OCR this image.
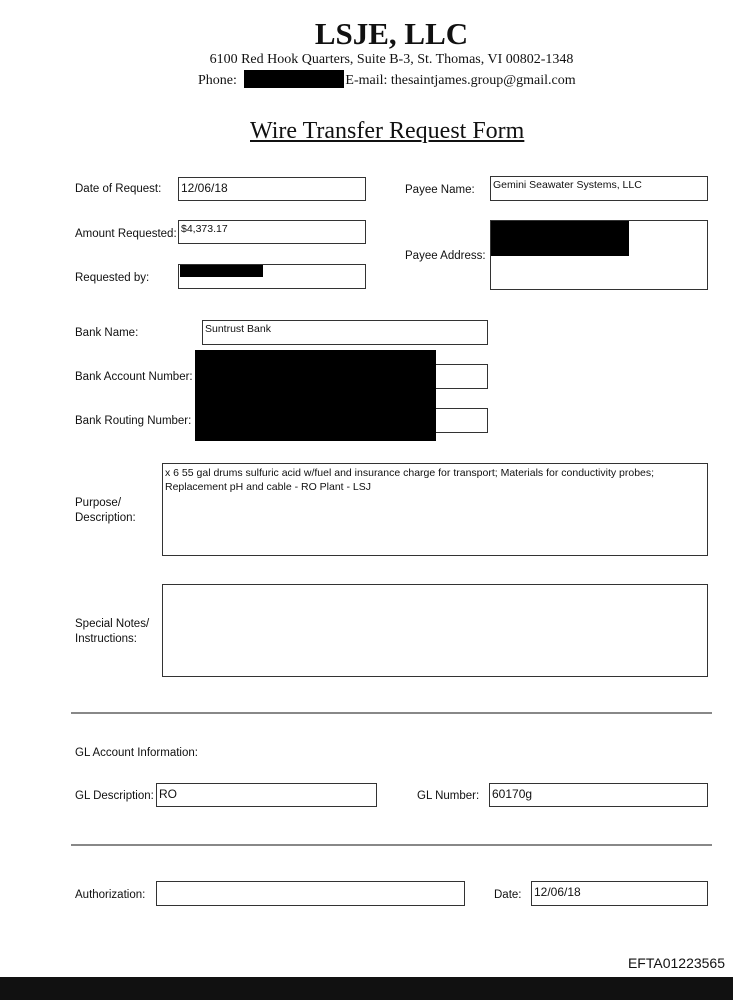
LSJE, LLC
6100 Red Hook Quarters, Suite B-3, St. Thomas, VI 00802-1348
Phone:	E-mail: thesaintjames.group@gmail.com
Wire Transfer Request Form
Date of Request: 12/06/18
Amount Requested: $4,373.17
Requested by:
Payee Name: Gemini Seawater Systems, LLC
Payee Address:
Bank Name:	Suntrust Bank
Bank Account Number:
Bank Routing Number:
Purpose/
Description:
x 6 55 gal drums sulfuric acid w/fuel and insurance charge for transport; Materials for conductivity probes; Replacement pH and cable - RO Plant - LSJ
Special Notes/
Instructions:
GL Account Information:
GL Description: RO	GL Number: 60170g
Authorization:	Date: 12/06/18
EFTA01223565
